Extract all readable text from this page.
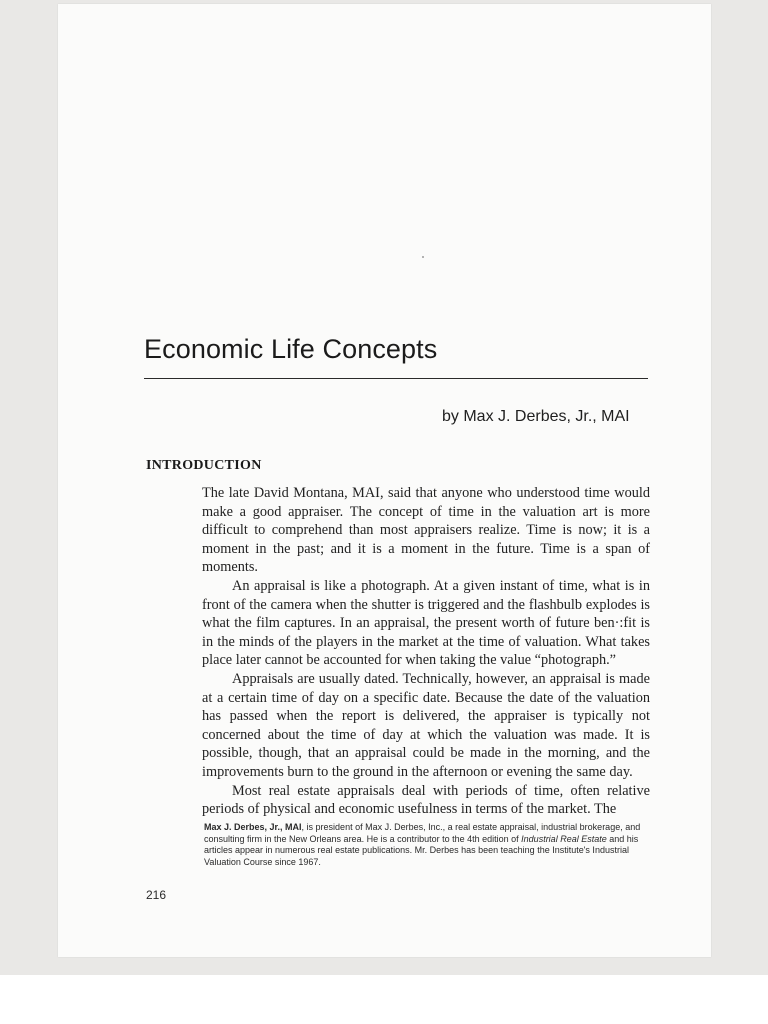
Economic Life Concepts
by Max J. Derbes, Jr., MAI
INTRODUCTION

The late David Montana, MAI, said that anyone who understood time would make a good appraiser. The concept of time in the valuation art is more difficult to comprehend than most appraisers realize. Time is now; it is a moment in the past; and it is a moment in the future. Time is a span of moments.

An appraisal is like a photograph. At a given instant of time, what is in front of the camera when the shutter is triggered and the flashbulb explodes is what the film captures. In an appraisal, the present worth of future ben·:fit is in the minds of the players in the market at the time of valuation. What takes place later cannot be accounted for when taking the value “photograph.”

Appraisals are usually dated. Technically, however, an appraisal is made at a certain time of day on a specific date. Because the date of the valuation has passed when the report is delivered, the appraiser is typically not concerned about the time of day at which the valuation was made. It is possible, though, that an appraisal could be made in the morning, and the improvements burn to the ground in the afternoon or evening the same day.

Most real estate appraisals deal with periods of time, often relative periods of physical and economic usefulness in terms of the market. The

Max J. Derbes, Jr., MAI, is president of Max J. Derbes, Inc., a real estate appraisal, industrial brokerage, and consulting firm in the New Orleans area. He is a contributor to the 4th edition of Industrial Real Estate and his articles appear in numerous real estate publications. Mr. Derbes has been teaching the Institute's Industrial Valuation Course since 1967.
216
